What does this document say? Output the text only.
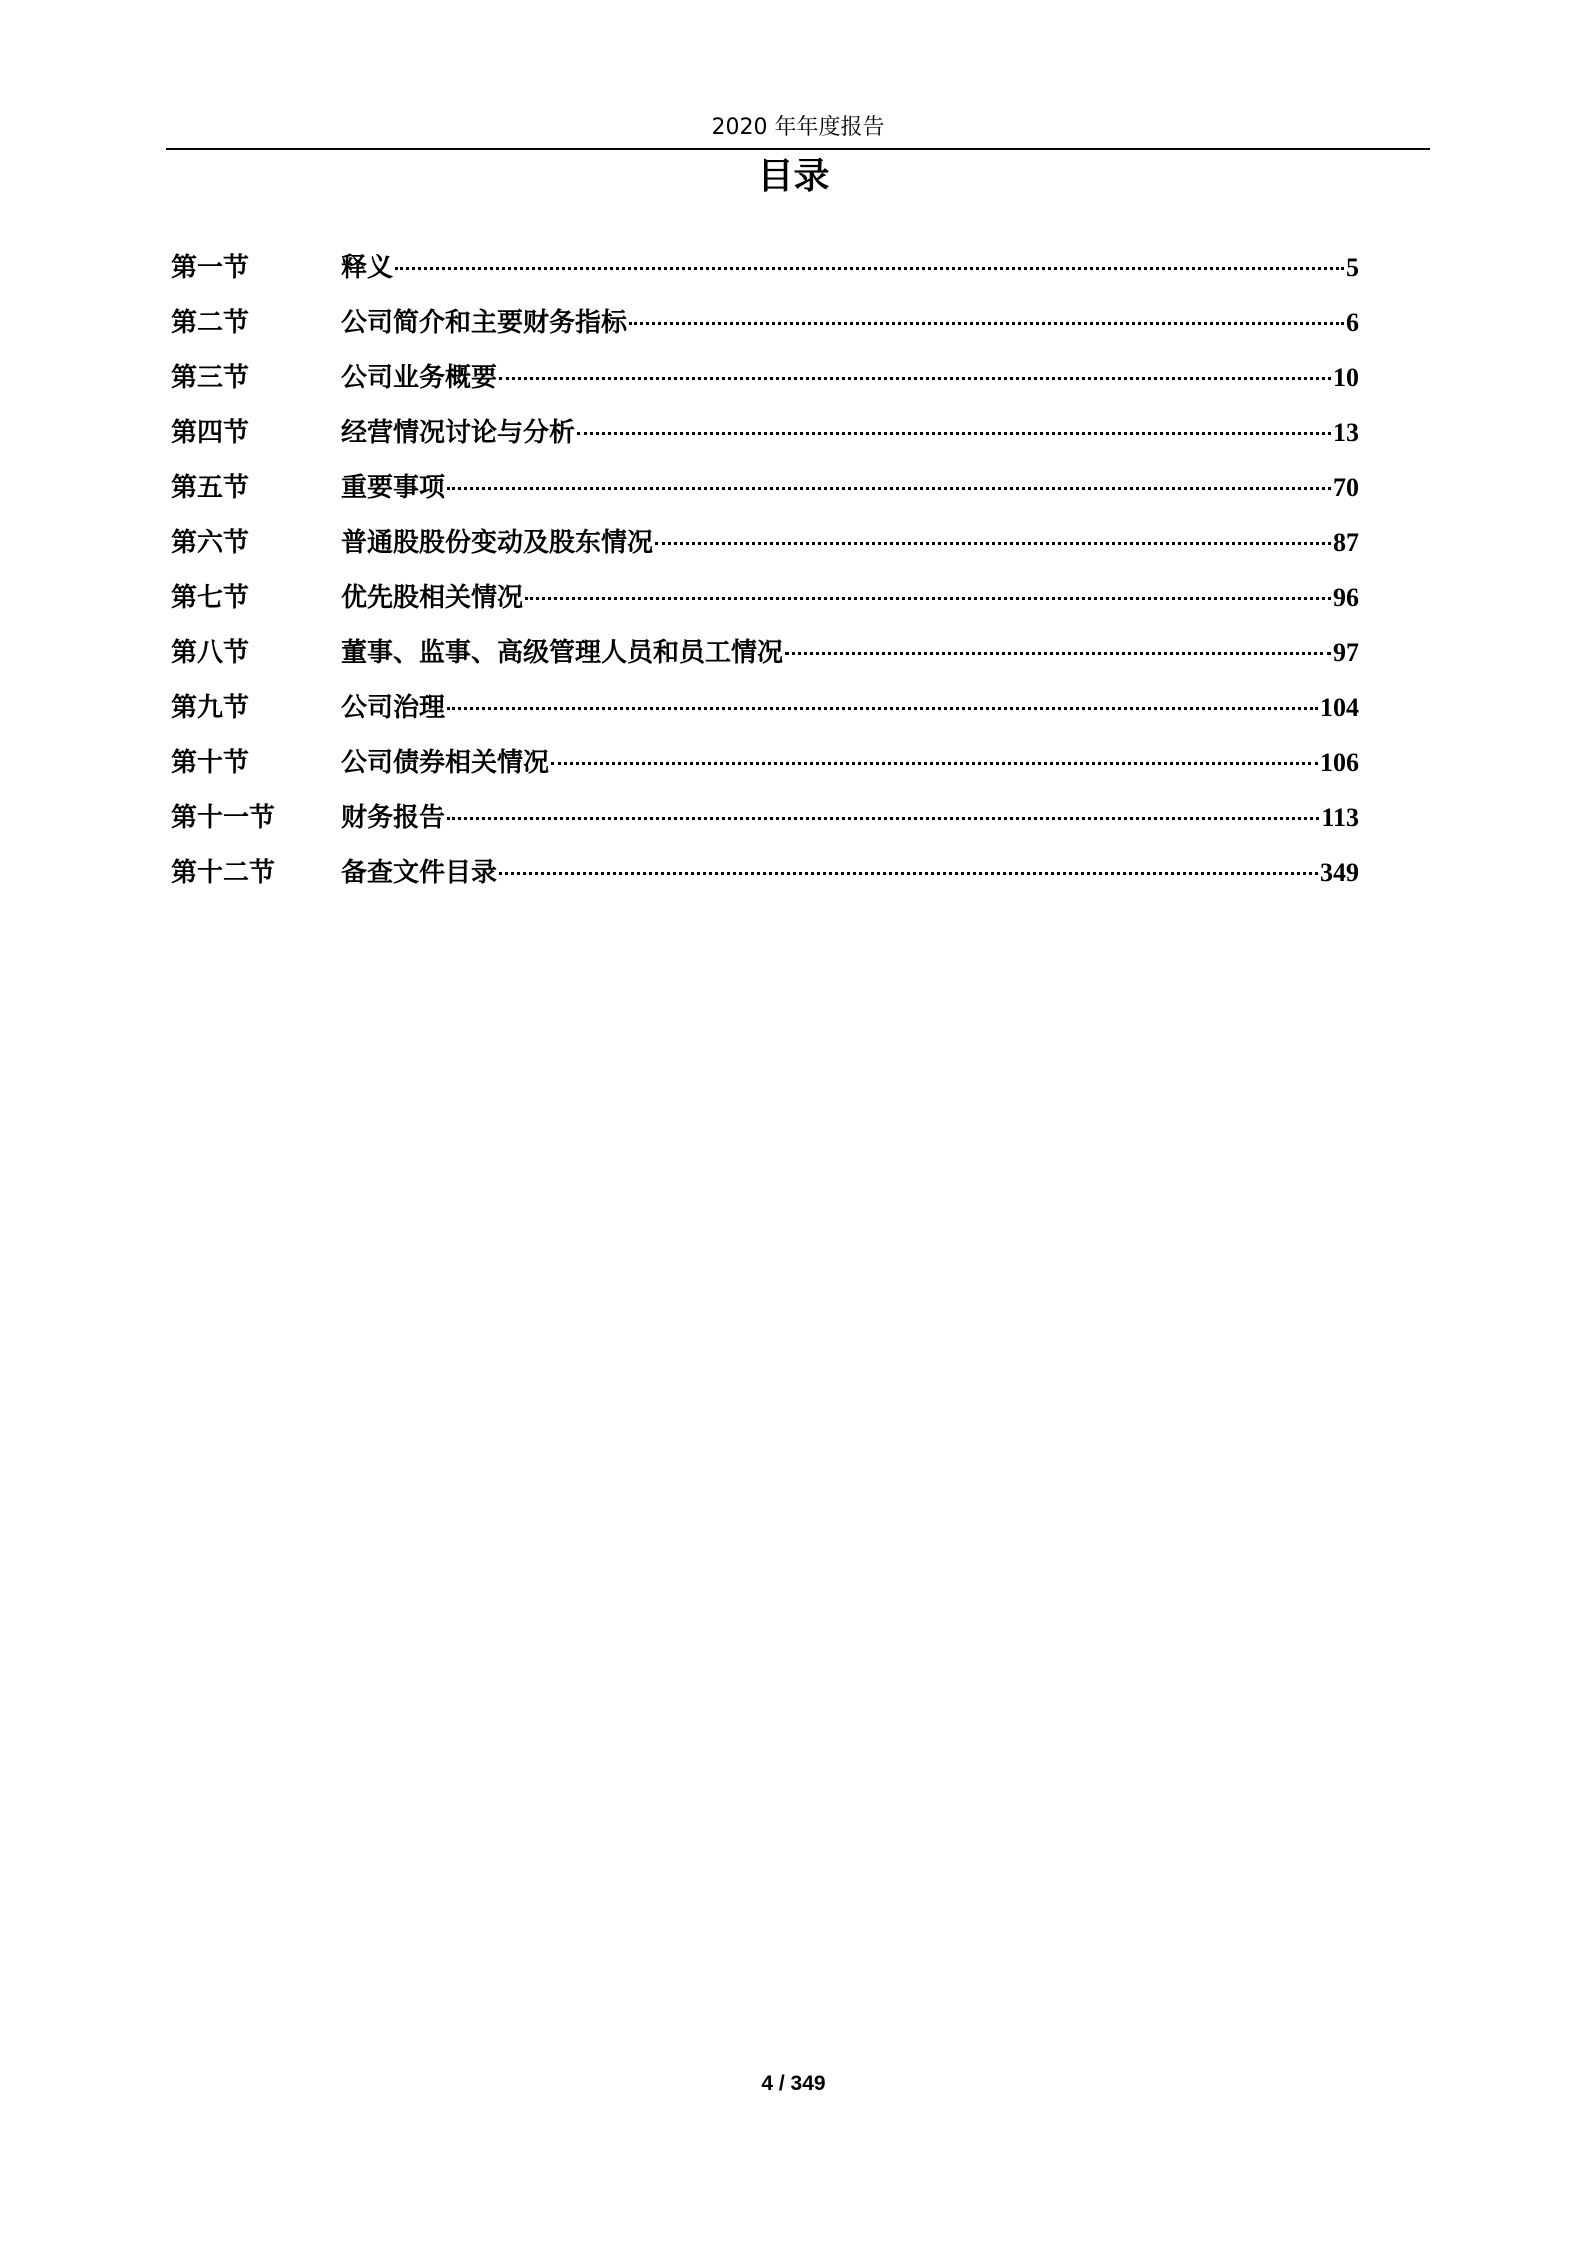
2020 年年度报告
目录
第一节	释义	5
第二节	公司简介和主要财务指标	6
第三节	公司业务概要	10
第四节	经营情况讨论与分析	13
第五节	重要事项	70
第六节	普通股股份变动及股东情况	87
第七节	优先股相关情况	96
第八节	董事、监事、高级管理人员和员工情况	97
第九节	公司治理	104
第十节	公司债券相关情况	106
第十一节	财务报告	113
第十二节	备查文件目录	349
4 / 349
